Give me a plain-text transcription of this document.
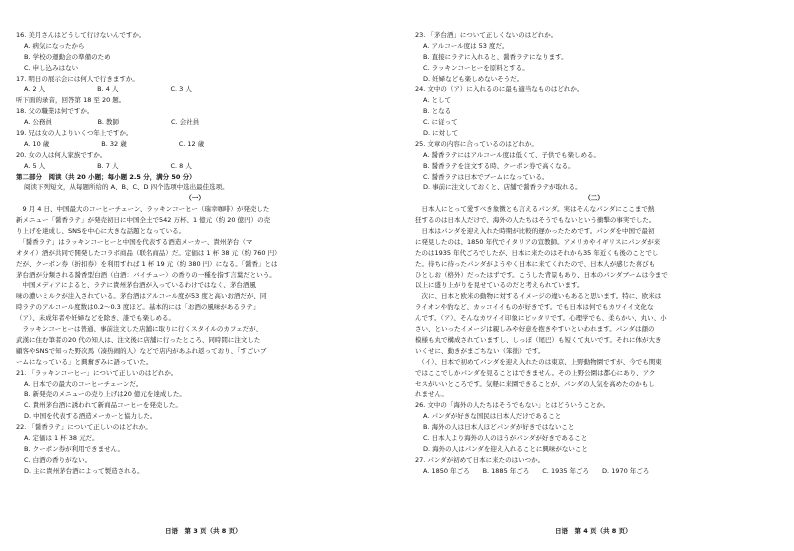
16. 美月さんはどうして行けないんですか。
A. 病気になったから
B. 学校の運動会の準備のため
C. 申し込みはない
17. 明日の展示会には何人で行きますか。
A. 2 人　　　　　　　　B. 4 人　　　　　　　　C. 3 人
听下面的录音，回答第 18 至 20 题。
18. 父の職業は何ですか。
A. 公務員　　　　　　　B. 教師　　　　　　　　C. 会社員
19. 兄は女の人よりいくつ年上ですか。
A. 10 歳　　　　　　　　B. 32 歳　　　　　　　　C. 12 歳
20. 女の人は何人家族ですか。
A. 5 人　　　　　　　　B. 7 人　　　　　　　　C. 8 人
第二部分　阅读（共 20 小题；每小题 2.5 分，满分 50 分）
阅读下列短文，从每题所给的 A、B、C、D 四个选项中选出最佳选项。
（一）
　9 月 4 日、中国最大のコーヒーチェーン、ラッキンコーヒー（瑞幸咖啡）が発売した
新メニュー「醤香ラテ」が発売初日に中国全土で542 万杯、1 億元（約 20 億円）の売
り上げを達成し、SNSを中心に大きな話題となっている。
　「醤香ラテ」はラッキンコーヒーと中国を代表する酒造メーカー、貴州茅台（マ
オタイ）酒が共同で開発したコラボ商品（联名商品）だ。定価は 1 杯 38 元（約 760 円）
だが、クーポン券（折扣券）を利用すれば 1 杯 19 元（約 380 円）になる。「醤香」とは
茅台酒が分類される醤香型白酒（白酒：バイチュー）の香りの一種を指す言葉だという。
　中国メディアによると、ラテに貴州茅台酒が入っているわけではなく、茅台酒風
味の濃いミルクが注入されている。茅台酒はアルコール度が53 度と高いお酒だが、同
時ラテのアルコール度数は0.2～0.3 度ほど。基本的には「お酒の風味があるラテ」
（ア）、未成年者や妊婦などを除き、誰でも楽しめる。
　ラッキンコーヒーは普通、事前注文した店舗に取りに行くスタイルのカフェだが、
武漢に住む筆者の20 代の知人は、注文後に店舗に行ったところ、同時間に注文した
顧客やSNSで知った野次馬（凑热闹的人）などで店内があふれ返っており、「すごいブ
ームになっている」と興奮ぎみに語っていた。
21. 「ラッキンコーヒー」について正しいのはどれか。
A. 日本での最大のコーヒーチェーンだ。
B. 新発売のメニューの売り上げは20 億元を達成した。
C. 貴州茅台酒に誘われて新商品コーヒーを発売した。
D. 中国を代表する酒造メーカーと協力した。
22. 「醤香ラテ」について正しいのはどれか。
A. 定価は 1 杯 38 元だ。
B. クーポン券が利用できません。
C. 白酒の香りがない。
D. 主に貴州茅台酒によって製造される。
23. 「茅台酒」について正しくないのはどれか。
A. アルコール度は 53 度だ。
B. 直接にラテに入れると、醤香ラテになります。
C. ラッキンコーヒーを原料とする。
D. 妊婦なども楽しめないそうだ。
24. 文中の（ア）に入れるのに最も適当なものはどれか。
A. として
B. となる
C. に従って
D. に対して
25. 文章の内容に合っているのはどれか。
A. 醤香ラテにはアルコール度は低くて、子供でも楽しめる。
B. 醤香ラテを注文する時、クーポン券で高くなる。
C. 醤香ラテは日本でブームになっている。
D. 事前に注文しておくと、店舗で醤香ラテが取れる。
（二）
　日本人にとって愛すべき象徴とも言えるパンダ。実はそんなパンダにここまで熱
狂するのは日本人だけで、海外の人たちはそうでもないという衝撃の事実でした。
　日本はパンダを迎え入れた時期が比較的遅かったためです。パンダを中国で最初
に発見したのは、1850 年代でイタリアの宣教師。アメリカやイギリスにパンダが来
たのは1935 年代ごろでしたが、日本に来たのはそれから35 年近くも後のことでし
た。待ちに待ったパンダがようやく日本に来てくれたので、日本人が感じた喜びも
ひとしお（格外）だったはずです。こうした背景もあり、日本のパンダブームは今まで
以上に盛り上がりを見せているのだと考えられています。
　次に、日本と欧米の動物に対するイメージの違いもあると思います。特に、欧米は
ライオンや豹など、カッコイイものが好きです。でも日本は何でもカワイイ文化な
んです。（ア）、そんなカワイイ印象にピッタリです。心理学でも、柔らかい、丸い、小
さい、といったイメージは親しみや好意を抱きやすいといわれます。パンダは顔の
模様も丸で構成されていますし、しっぽ（尾巴）も短くて丸いです。それに体が大き
いくせに、動きがまごちない（笨拙）です。
　（イ）、日本で初めてパンダを迎え入れたのは東京、上野動物園ですが、今でも関東
ではここでしかパンダを見ることはできません。その上野公園は都心にあり、アク
セスがいいところです。気軽に来園できることが、パンダの人気を高めたのかもし
れません。
26. 文中の「海外の人たちはそうでもない」とはどういうことか。
A. パンダが好きな国民は日本人だけであること
B. 海外の人は日本人ほどパンダが好きではないこと
C. 日本人より海外の人のほうがパンダが好きであること
D. 海外の人はパンダを迎え入れることに興味がないこと
27. パンダが初めて日本に来たのはいつか。
A. 1850 年ごろ　　B. 1885 年ごろ　　C. 1935 年ごろ　　D. 1970 年ごろ
日语　第 3 页（共 8 页）	日语　第 4 页（共 8 页）
